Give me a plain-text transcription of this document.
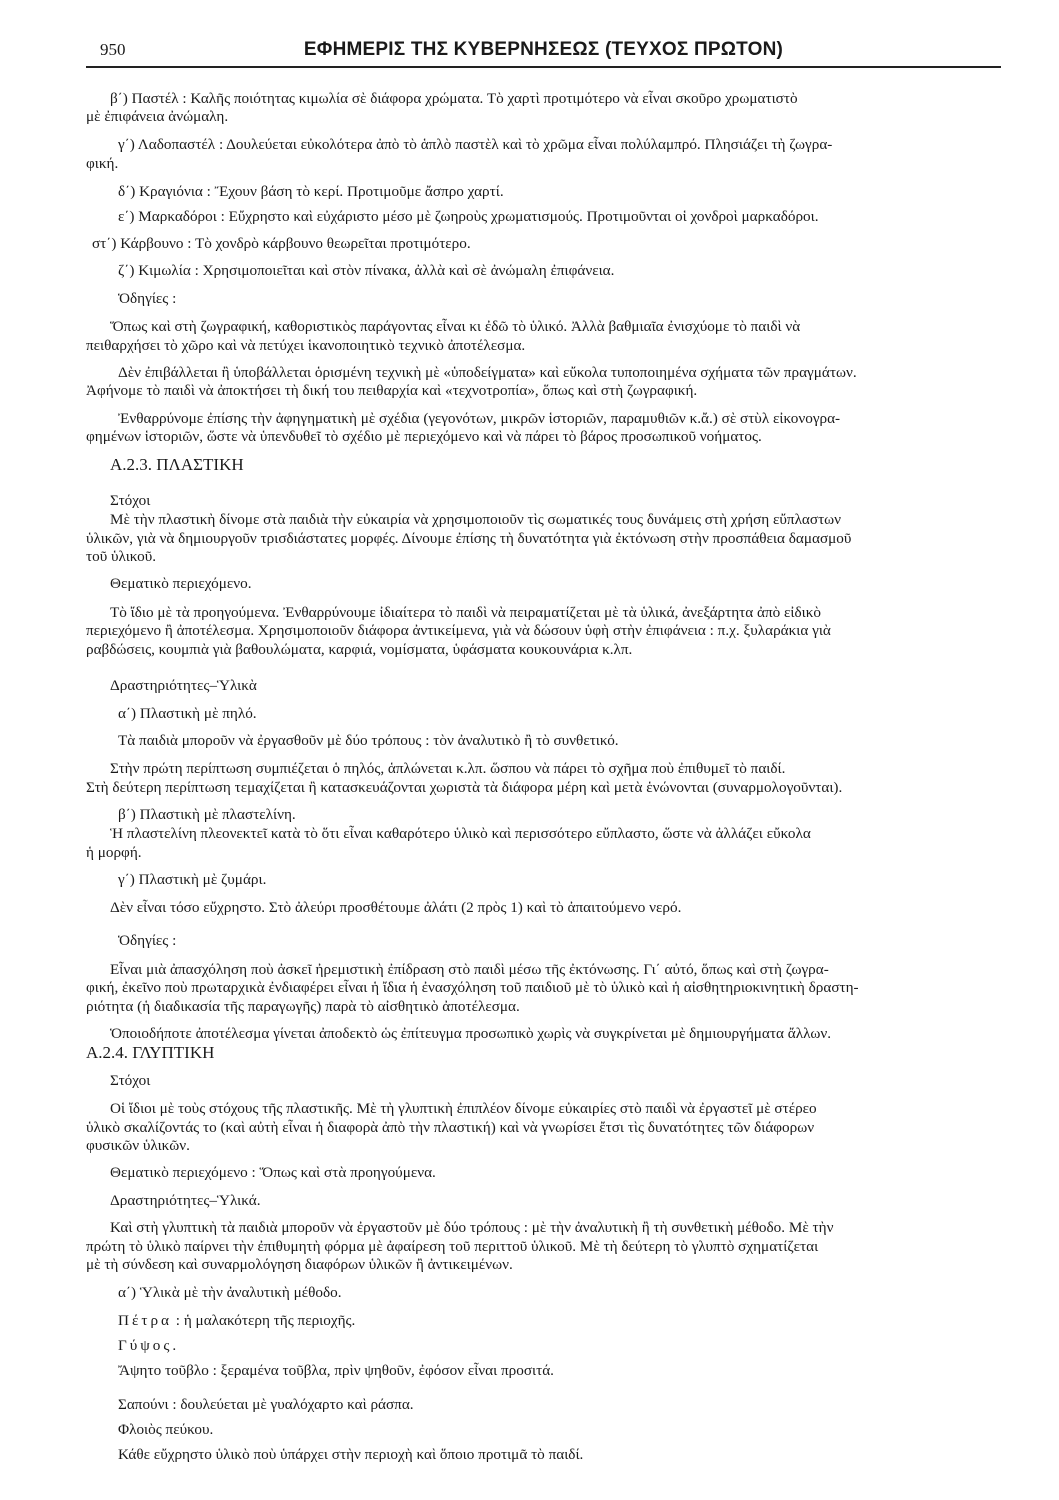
950	ΕΦΗΜΕΡΙΣ ΤΗΣ ΚΥΒΕΡΝΗΣΕΩΣ (ΤΕΥΧΟΣ ΠΡΩΤΟΝ)

β΄) Παστέλ : Καλῆς ποιότητας κιμωλία σὲ διάφορα χρώματα. Τὸ χαρτὶ προτιμότερο νὰ εἶναι σκοῦρο χρωματιστὸ

μὲ ἐπιφάνεια ἀνώμαλη.

γ΄) Λαδοπαστέλ : Δουλεύεται εὐκολότερα ἀπὸ τὸ ἁπλὸ παστὲλ καὶ τὸ χρῶμα εἶναι πολύλαμπρό. Πλησιάζει τὴ ζωγρα-

φική.

δ΄) Κραγιόνια : Ἔχουν βάση τὸ κερί. Προτιμοῦμε ἄσπρο χαρτί.

ε΄) Μαρκαδόροι : Εὔχρηστο καὶ εὐχάριστο μέσο μὲ ζωηροὺς χρωματισμούς. Προτιμοῦνται οἱ χονδροὶ μαρκαδόροι.

στ΄) Κάρβουνο : Τὸ χονδρὸ κάρβουνο θεωρεῖται προτιμότερο.

ζ΄) Κιμωλία : Χρησιμοποιεῖται καὶ στὸν πίνακα, ἀλλὰ καὶ σὲ ἀνώμαλη ἐπιφάνεια.

Ὁδηγίες :

Ὅπως καὶ στὴ ζωγραφική, καθοριστικὸς παράγοντας εἶναι κι ἐδῶ τὸ ὑλικό. Ἀλλὰ βαθμιαῖα ἐνισχύομε τὸ παιδὶ νὰ

πειθαρχήσει τὸ χῶρο καὶ νὰ πετύχει ἱκανοποιητικὸ τεχνικὸ ἀποτέλεσμα.

Δὲν ἐπιβάλλεται ἢ ὑποβάλλεται ὁρισμένη τεχνικὴ μὲ «ὑποδείγματα» καὶ εὔκολα τυποποιημένα σχήματα τῶν πραγμάτων.

Ἀφήνομε τὸ παιδὶ νὰ ἀποκτήσει τὴ δική του πειθαρχία καὶ «τεχνοτροπία», ὅπως καὶ στὴ ζωγραφική.

Ἐνθαρρύνομε ἐπίσης τὴν ἀφηγηματικὴ μὲ σχέδια (γεγονότων, μικρῶν ἱστοριῶν, παραμυθιῶν κ.ἄ.) σὲ στὺλ εἰκονογρα-

φημένων ἱστοριῶν, ὥστε νὰ ὑπενδυθεῖ τὸ σχέδιο μὲ περιεχόμενο καὶ νὰ πάρει τὸ βάρος προσωπικοῦ νοήματος.

Α.2.3. ΠΛΑΣΤΙΚΗ

Στόχοι

Μὲ τὴν πλαστικὴ δίνομε στὰ παιδιὰ τὴν εὐκαιρία νὰ χρησιμοποιοῦν τὶς σωματικές τους δυνάμεις στὴ χρήση εὔπλαστων

ὑλικῶν, γιὰ νὰ δημιουργοῦν τρισδιάστατες μορφές. Δίνουμε ἐπίσης τὴ δυνατότητα γιὰ ἐκτόνωση στὴν προσπάθεια δαμασμοῦ

τοῦ ὑλικοῦ.

Θεματικὸ περιεχόμενο.

Τὸ ἴδιο μὲ τὰ προηγούμενα. Ἐνθαρρύνουμε ἰδιαίτερα τὸ παιδὶ νὰ πειραματίζεται μὲ τὰ ὑλικά, ἀνεξάρτητα ἀπὸ εἰδικὸ

περιεχόμενο ἢ ἀποτέλεσμα. Χρησιμοποιοῦν διάφορα ἀντικείμενα, γιὰ νὰ δώσουν ὑφὴ στὴν ἐπιφάνεια : π.χ. ξυλαράκια γιὰ

ραβδώσεις, κουμπιὰ γιὰ βαθουλώματα, καρφιά, νομίσματα, ὑφάσματα κουκουνάρια κ.λπ.

Δραστηριότητες–Ὑλικὰ

α΄) Πλαστικὴ μὲ πηλό.

Τὰ παιδιὰ μποροῦν νὰ ἐργασθοῦν μὲ δύο τρόπους : τὸν ἀναλυτικὸ ἢ τὸ συνθετικό.

Στὴν πρώτη περίπτωση συμπιέζεται ὁ πηλός, ἁπλώνεται κ.λπ. ὥσπου νὰ πάρει τὸ σχῆμα ποὺ ἐπιθυμεῖ τὸ παιδί.

Στὴ δεύτερη περίπτωση τεμαχίζεται ἢ κατασκευάζονται χωριστὰ τὰ διάφορα μέρη καὶ μετὰ ἑνώνονται (συναρμολογοῦνται).

β΄) Πλαστικὴ μὲ πλαστελίνη.

Ἡ πλαστελίνη πλεονεκτεῖ κατὰ τὸ ὅτι εἶναι καθαρότερο ὑλικὸ καὶ περισσότερο εὔπλαστο, ὥστε νὰ ἀλλάζει εὔκολα

ἡ μορφή.

γ΄) Πλαστικὴ μὲ ζυμάρι.

Δὲν εἶναι τόσο εὔχρηστο. Στὸ ἀλεύρι προσθέτουμε ἀλάτι (2 πρὸς 1) καὶ τὸ ἀπαιτούμενο νερό.

Ὁδηγίες :

Εἶναι μιὰ ἀπασχόληση ποὺ ἀσκεῖ ἠρεμιστικὴ ἐπίδραση στὸ παιδὶ μέσω τῆς ἐκτόνωσης. Γι΄ αὐτό, ὅπως καὶ στὴ ζωγρα-

φική, ἐκεῖνο ποὺ πρωταρχικὰ ἐνδιαφέρει εἶναι ἡ ἴδια ἡ ἐνασχόληση τοῦ παιδιοῦ μὲ τὸ ὑλικὸ καὶ ἡ αἰσθητηριοκινητικὴ δραστη-

ριότητα (ἡ διαδικασία τῆς παραγωγῆς) παρὰ τὸ αἰσθητικὸ ἀποτέλεσμα.

Ὁποιοδήποτε ἀποτέλεσμα γίνεται ἀποδεκτὸ ὡς ἐπίτευγμα προσωπικὸ χωρὶς νὰ συγκρίνεται μὲ δημιουργήματα ἄλλων.

Α.2.4. ΓΛΥΠΤΙΚΗ

Στόχοι

Οἱ ἴδιοι μὲ τοὺς στόχους τῆς πλαστικῆς. Μὲ τὴ γλυπτικὴ ἐπιπλέον δίνομε εὐκαιρίες στὸ παιδὶ νὰ ἐργαστεῖ μὲ στέρεο

ὑλικὸ σκαλίζοντάς το (καὶ αὐτὴ εἶναι ἡ διαφορὰ ἀπὸ τὴν πλαστική) καὶ νὰ γνωρίσει ἔτσι τὶς δυνατότητες τῶν διάφορων

φυσικῶν ὑλικῶν.

Θεματικὸ περιεχόμενο : Ὅπως καὶ στὰ προηγούμενα.

Δραστηριότητες–Ὑλικά.

Καὶ στὴ γλυπτικὴ τὰ παιδιὰ μποροῦν νὰ ἐργαστοῦν μὲ δύο τρόπους : μὲ τὴν ἀναλυτικὴ ἢ τὴ συνθετικὴ μέθοδο. Μὲ τὴν

πρώτη τὸ ὑλικὸ παίρνει τὴν ἐπιθυμητὴ φόρμα μὲ ἀφαίρεση τοῦ περιττοῦ ὑλικοῦ. Μὲ τὴ δεύτερη τὸ γλυπτὸ σχηματίζεται

μὲ τὴ σύνδεση καὶ συναρμολόγηση διαφόρων ὑλικῶν ἢ ἀντικειμένων.

α΄) Ὑλικὰ μὲ τὴν ἀναλυτικὴ μέθοδο.

Πέτρα : ἡ μαλακότερη τῆς περιοχῆς.

Γύψος.

Ἄψητο τοῦβλο : ξεραμένα τοῦβλα, πρὶν ψηθοῦν, ἐφόσον εἶναι προσιτά.

Σαπούνι : δουλεύεται μὲ γυαλόχαρτο καὶ ράσπα.

Φλοιὸς πεύκου.

Κάθε εὔχρηστο ὑλικὸ ποὺ ὑπάρχει στὴν περιοχὴ καὶ ὅποιο προτιμᾶ τὸ παιδί.
